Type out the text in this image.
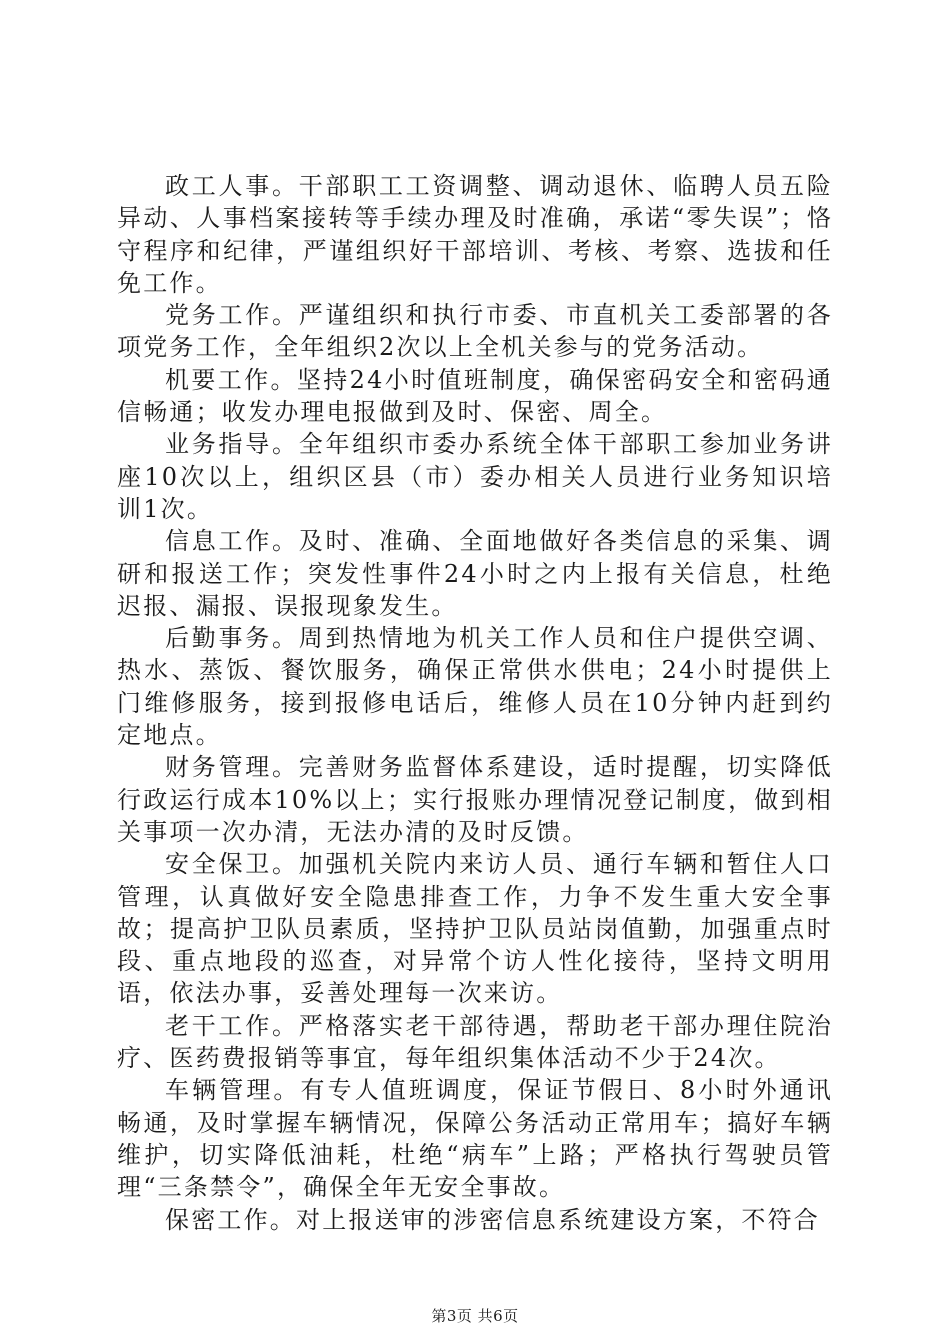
政工人事。干部职工工资调整、调动退休、临聘人员五险异动、人事档案接转等手续办理及时准确，承诺“零失误”；恪守程序和纪律，严谨组织好干部培训、考核、考察、选拔和任免工作。

党务工作。严谨组织和执行市委、市直机关工委部署的各项党务工作，全年组织2次以上全机关参与的党务活动。

机要工作。坚持24小时值班制度，确保密码安全和密码通信畅通；收发办理电报做到及时、保密、周全。

业务指导。全年组织市委办系统全体干部职工参加业务讲座10次以上，组织区县（市）委办相关人员进行业务知识培训1次。

信息工作。及时、准确、全面地做好各类信息的采集、调研和报送工作；突发性事件24小时之内上报有关信息，杜绝迟报、漏报、误报现象发生。

后勤事务。周到热情地为机关工作人员和住户提供空调、热水、蒸饭、餐饮服务，确保正常供水供电；24小时提供上门维修服务，接到报修电话后，维修人员在10分钟内赶到约定地点。

财务管理。完善财务监督体系建设，适时提醒，切实降低行政运行成本10%以上；实行报账办理情况登记制度，做到相关事项一次办清，无法办清的及时反馈。

安全保卫。加强机关院内来访人员、通行车辆和暂住人口管理，认真做好安全隐患排查工作，力争不发生重大安全事故；提高护卫队员素质，坚持护卫队员站岗值勤，加强重点时段、重点地段的巡查，对异常个访人性化接待，坚持文明用语，依法办事，妥善处理每一次来访。

老干工作。严格落实老干部待遇，帮助老干部办理住院治疗、医药费报销等事宜，每年组织集体活动不少于24次。

车辆管理。有专人值班调度，保证节假日、8小时外通讯畅通，及时掌握车辆情况，保障公务活动正常用车；搞好车辆维护，切实降低油耗，杜绝“病车”上路；严格执行驾驶员管理“三条禁令”，确保全年无安全事故。

保密工作。对上报送审的涉密信息系统建设方案，不符合

第3页 共6页
